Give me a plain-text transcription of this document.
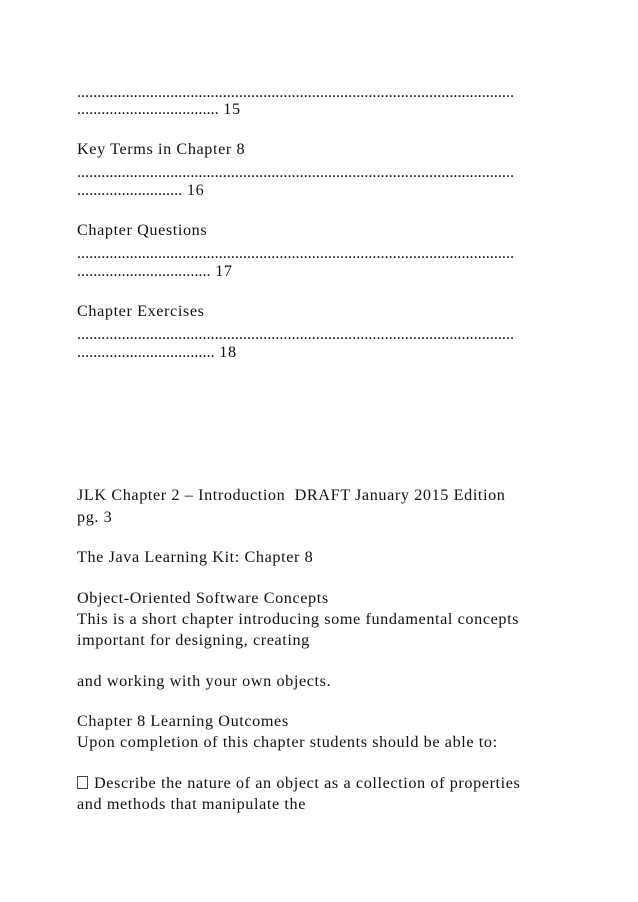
............................................................................................................
................................... 15
Key Terms in Chapter 8
............................................................................................................
.......................... 16
Chapter Questions
............................................................................................................
................................. 17
Chapter Exercises
............................................................................................................
.................................. 18
JLK Chapter 2 – Introduction  DRAFT January 2015 Edition
pg. 3
The Java Learning Kit: Chapter 8
Object-Oriented Software Concepts
This is a short chapter introducing some fundamental concepts
important for designing, creating
and working with your own objects.
Chapter 8 Learning Outcomes
Upon completion of this chapter students should be able to:
Describe the nature of an object as a collection of properties
and methods that manipulate the
